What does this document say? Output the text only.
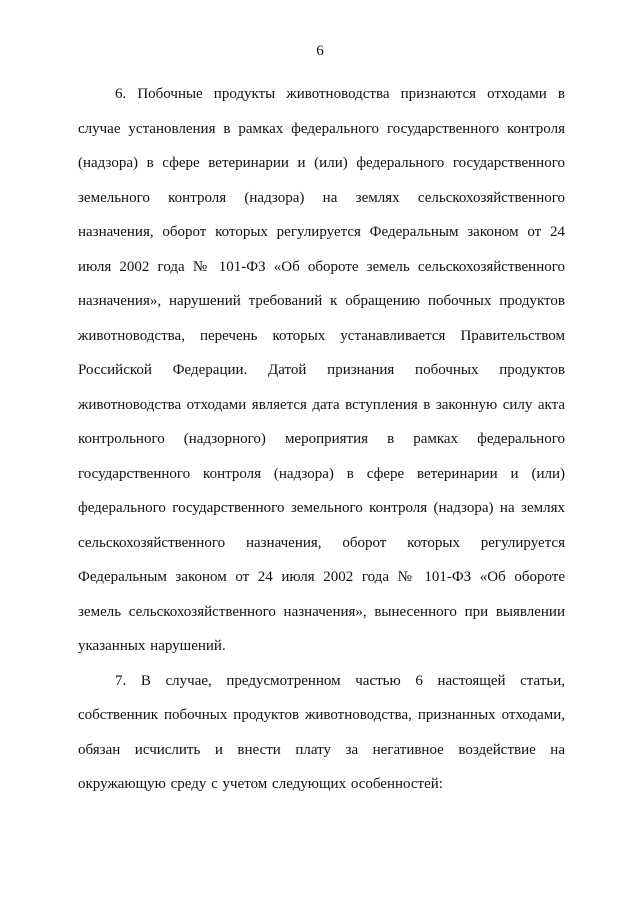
6

6. Побочные продукты животноводства признаются отходами в случае установления в рамках федерального государственного контроля (надзора) в сфере ветеринарии и (или) федерального государственного земельного контроля (надзора) на землях сельскохозяйственного назначения, оборот которых регулируется Федеральным законом от 24 июля 2002 года № 101-ФЗ «Об обороте земель сельскохозяйственного назначения», нарушений требований к обращению побочных продуктов животноводства, перечень которых устанавливается Правительством Российской Федерации. Датой признания побочных продуктов животноводства отходами является дата вступления в законную силу акта контрольного (надзорного) мероприятия в рамках федерального государственного контроля (надзора) в сфере ветеринарии и (или) федерального государственного земельного контроля (надзора) на землях сельскохозяйственного назначения, оборот которых регулируется Федеральным законом от 24 июля 2002 года № 101-ФЗ «Об обороте земель сельскохозяйственного назначения», вынесенного при выявлении указанных нарушений.

7. В случае, предусмотренном частью 6 настоящей статьи, собственник побочных продуктов животноводства, признанных отходами, обязан исчислить и внести плату за негативное воздействие на окружающую среду с учетом следующих особенностей:
